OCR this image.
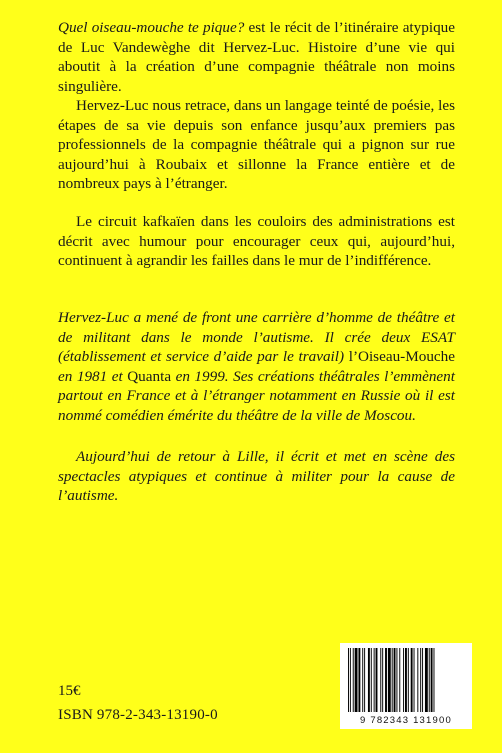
Quel oiseau-mouche te pique? est le récit de l’itinéraire atypique de Luc Vandewèghe dit Hervez-Luc. Histoire d’une vie qui aboutit à la création d’une compagnie théâtrale non moins singulière.

Hervez-Luc nous retrace, dans un langage teinté de poésie, les étapes de sa vie depuis son enfance jusqu’aux premiers pas professionnels de la compagnie théâtrale qui a pignon sur rue aujourd’hui à Roubaix et sillonne la France entière et de nombreux pays à l’étranger.

Le circuit kafkaïen dans les couloirs des administrations est décrit avec humour pour encourager ceux qui, aujourd’hui, continuent à agrandir les failles dans le mur de l’indifférence.

Hervez-Luc a mené de front une carrière d’homme de théâtre et de militant dans le monde l’autisme. Il crée deux ESAT (établissement et service d’aide par le travail) l’Oiseau-Mouche en 1981 et Quanta en 1999. Ses créations théâtrales l’emmènent partout en France et à l’étranger notamment en Russie où il est nommé comédien émérite du théâtre de la ville de Moscou.

Aujourd’hui de retour à Lille, il écrit et met en scène des spectacles atypiques et continue à militer pour la cause de l’autisme.

15€
ISBN 978-2-343-13190-0	9 782343 131900
